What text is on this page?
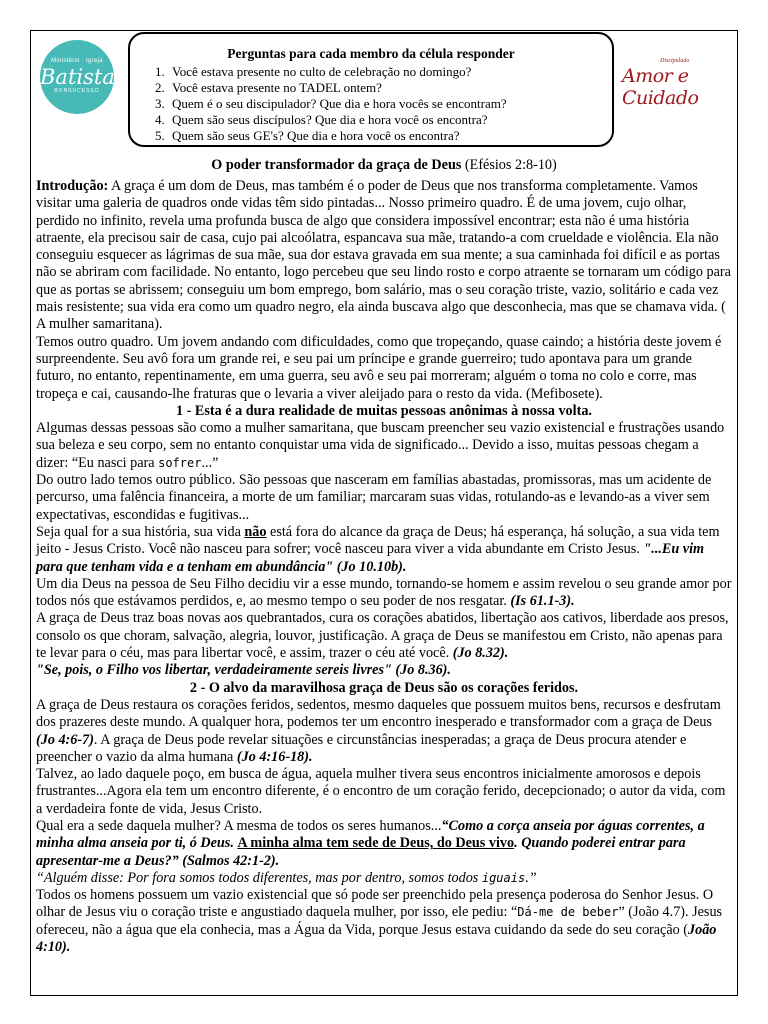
Ministério · Igreja
Batista
BONSUCESSO
Perguntas para cada membro da célula responder
1. Você estava presente no culto de celebração no domingo?
2. Você estava presente no TADEL ontem?
3. Quem é o seu discipulador? Que dia e hora vocês se encontram?
4. Quem são seus discípulos? Que dia e hora você os encontra?
5. Quem são seus GE's? Que dia e hora você os encontra?
Discipulado
Amor e Cuidado
O poder transformador da graça de Deus (Efésios 2:8-10)

Introdução: A graça é um dom de Deus, mas também é o poder de Deus que nos transforma completamente. Vamos visitar uma galeria de quadros onde vidas têm sido pintadas... Nosso primeiro quadro. É de uma jovem, cujo olhar, perdido no infinito, revela uma profunda busca de algo que considera impossível encontrar; esta não é uma história atraente, ela precisou sair de casa, cujo pai alcoólatra, espancava sua mãe, tratando-a com crueldade e violência. Ela não conseguiu esquecer as lágrimas de sua mãe, sua dor estava gravada em sua mente; a sua caminhada foi difícil e as portas não se abriram com facilidade. No entanto, logo percebeu que seu lindo rosto e corpo atraente se tornaram um código para que as portas se abrissem; conseguiu um bom emprego, bom salário, mas o seu coração triste, vazio, solitário e cada vez mais resistente; sua vida era como um quadro negro, ela ainda buscava algo que desconhecia, mas que se chamava vida. ( A mulher samaritana).

Temos outro quadro. Um jovem andando com dificuldades, como que tropeçando, quase caindo; a história deste jovem é surpreendente. Seu avô fora um grande rei, e seu pai um príncipe e grande guerreiro; tudo apontava para um grande futuro, no entanto, repentinamente, em uma guerra, seu avô e seu pai morreram; alguém o toma no colo e corre, mas tropeça e cai, causando-lhe fraturas que o levaria a viver aleijado para o resto da vida. (Mefibosete).

1 - Esta é a dura realidade de muitas pessoas anônimas à nossa volta.

Algumas dessas pessoas são como a mulher samaritana, que buscam preencher seu vazio existencial e frustrações usando sua beleza e seu corpo, sem no entanto conquistar uma vida de significado... Devido a isso, muitas pessoas chegam a dizer: “Eu nasci para sofrer...”

Do outro lado temos outro público. São pessoas que nasceram em famílias abastadas, promissoras, mas um acidente de percurso, uma falência financeira, a morte de um familiar; marcaram suas vidas, rotulando-as e levando-as a viver sem expectativas, escondidas e fugitivas...

Seja qual for a sua história, sua vida não está fora do alcance da graça de Deus; há esperança, há solução, a sua vida tem jeito - Jesus Cristo. Você não nasceu para sofrer; você nasceu para viver a vida abundante em Cristo Jesus. "...Eu vim para que tenham vida e a tenham em abundância" (Jo 10.10b).

Um dia Deus na pessoa de Seu Filho decidiu vir a esse mundo, tornando-se homem e assim revelou o seu grande amor por todos nós que estávamos perdidos, e, ao mesmo tempo o seu poder de nos resgatar. (Is 61.1-3).

A graça de Deus traz boas novas aos quebrantados, cura os corações abatidos, libertação aos cativos, liberdade aos presos, consolo os que choram, salvação, alegria, louvor, justificação. A graça de Deus se manifestou em Cristo, não apenas para te levar para o céu, mas para libertar você, e assim, trazer o céu até você. (Jo 8.32).

"Se, pois, o Filho vos libertar, verdadeiramente sereis livres" (Jo 8.36).

2 - O alvo da maravilhosa graça de Deus são os corações feridos.

A graça de Deus restaura os corações feridos, sedentos, mesmo daqueles que possuem muitos bens, recursos e desfrutam dos prazeres deste mundo. A qualquer hora, podemos ter um encontro inesperado e transformador com a graça de Deus (Jo 4:6-7). A graça de Deus pode revelar situações e circunstâncias inesperadas; a graça de Deus procura atender e preencher o vazio da alma humana (Jo 4:16-18).

Talvez, ao lado daquele poço, em busca de água, aquela mulher tivera seus encontros inicialmente amorosos e depois frustrantes...Agora ela tem um encontro diferente, é o encontro de um coração ferido, decepcionado; o autor da vida, com a verdadeira fonte de vida, Jesus Cristo.

Qual era a sede daquela mulher? A mesma de todos os seres humanos...“Como a corça anseia por águas correntes, a minha alma anseia por ti, ó Deus. A minha alma tem sede de Deus, do Deus vivo. Quando poderei entrar para apresentar-me a Deus?” (Salmos 42:1-2).

“Alguém disse: Por fora somos todos diferentes, mas por dentro, somos todos iguais.”

Todos os homens possuem um vazio existencial que só pode ser preenchido pela presença poderosa do Senhor Jesus. O olhar de Jesus viu o coração triste e angustiado daquela mulher, por isso, ele pediu: “Dá-me de beber” (João 4.7). Jesus ofereceu, não a água que ela conhecia, mas a Água da Vida, porque Jesus estava cuidando da sede do seu coração (João 4:10).
